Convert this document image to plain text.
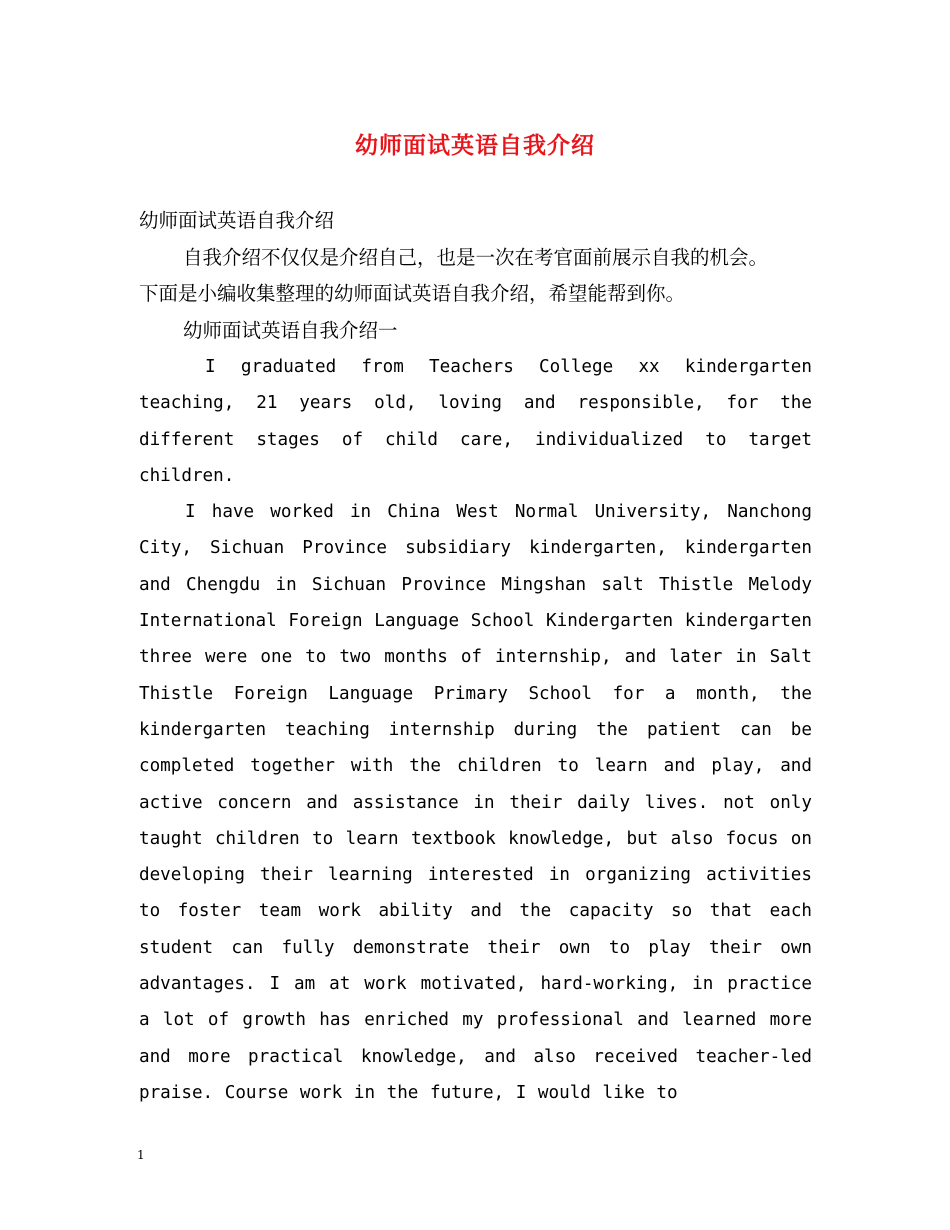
幼师面试英语自我介绍

幼师面试英语自我介绍

自我介绍不仅仅是介绍自己，也是一次在考官面前展示自我的机会。

下面是小编收集整理的幼师面试英语自我介绍，希望能帮到你。

幼师面试英语自我介绍一

I graduated from Teachers College xx kindergarten teaching, 21 years old, loving and responsible, for the different stages of child care, individualized to target children.

I have worked in China West Normal University, Nanchong City, Sichuan Province subsidiary kindergarten, kindergarten and Chengdu in Sichuan Province Mingshan salt Thistle Melody International Foreign Language School Kindergarten kindergarten three were one to two months of internship, and later in Salt Thistle Foreign Language Primary School for a month, the kindergarten teaching internship during the patient can be completed together with the children to learn and play, and active concern and assistance in their daily lives. not only taught children to learn textbook knowledge, but also focus on developing their learning interested in organizing activities to foster team work ability and the capacity so that each student can fully demonstrate their own to play their own advantages. I am at work motivated, hard-working, in practice a lot of growth has enriched my professional and learned more and more practical knowledge, and also received teacher-led praise. Course work in the future, I would like to

1
